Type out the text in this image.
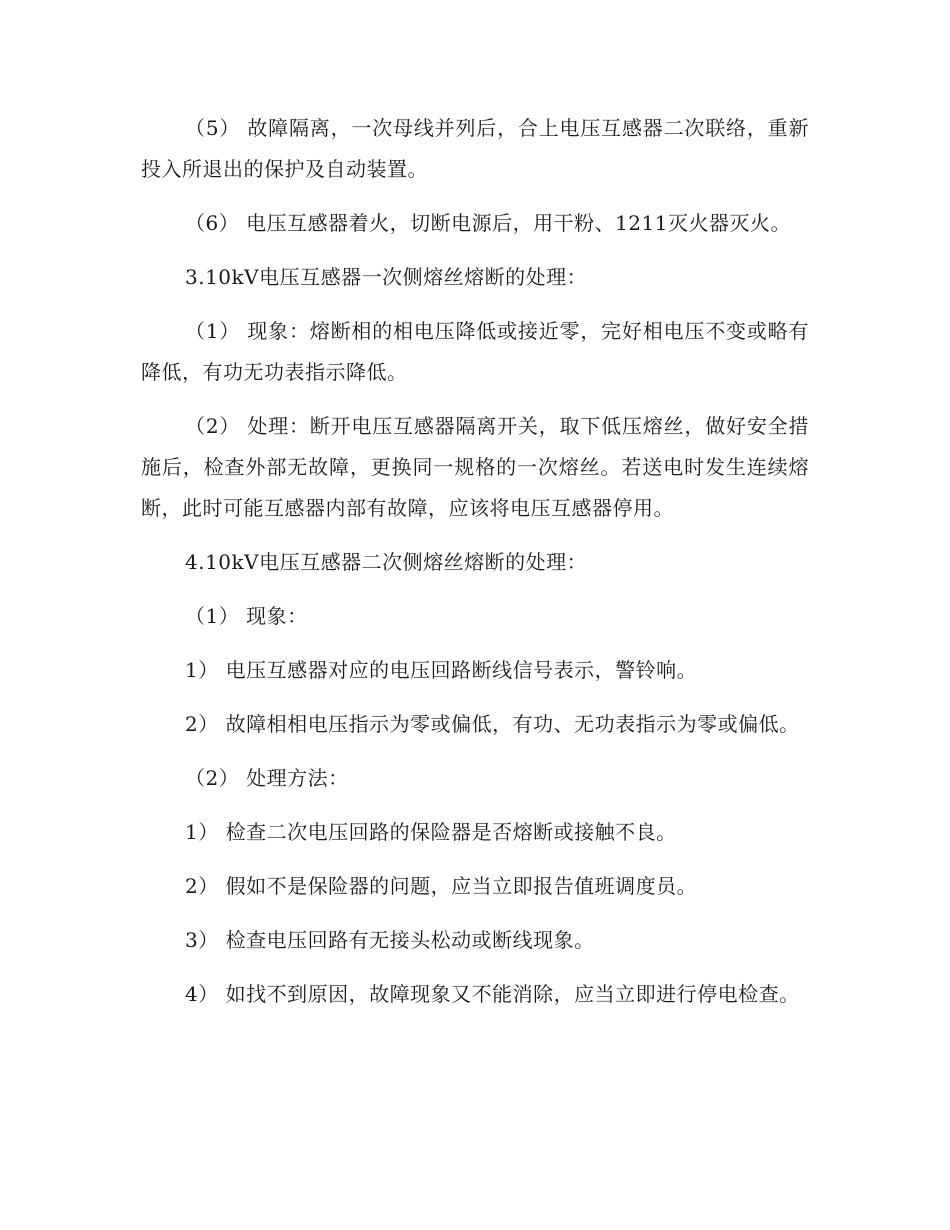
（5） 故障隔离，一次母线并列后，合上电压互感器二次联络，重新投入所退出的保护及自动装置。

（6） 电压互感器着火，切断电源后，用干粉、1211灭火器灭火。

3.10kV电压互感器一次侧熔丝熔断的处理：

（1） 现象：熔断相的相电压降低或接近零，完好相电压不变或略有降低，有功无功表指示降低。

（2） 处理：断开电压互感器隔离开关，取下低压熔丝，做好安全措施后，检查外部无故障，更换同一规格的一次熔丝。若送电时发生连续熔断，此时可能互感器内部有故障，应该将电压互感器停用。

4.10kV电压互感器二次侧熔丝熔断的处理：

（1） 现象：

1） 电压互感器对应的电压回路断线信号表示，警铃响。

2） 故障相相电压指示为零或偏低，有功、无功表指示为零或偏低。

（2） 处理方法：

1） 检查二次电压回路的保险器是否熔断或接触不良。

2） 假如不是保险器的问题，应当立即报告值班调度员。

3） 检查电压回路有无接头松动或断线现象。

4） 如找不到原因，故障现象又不能消除，应当立即进行停电检查。
